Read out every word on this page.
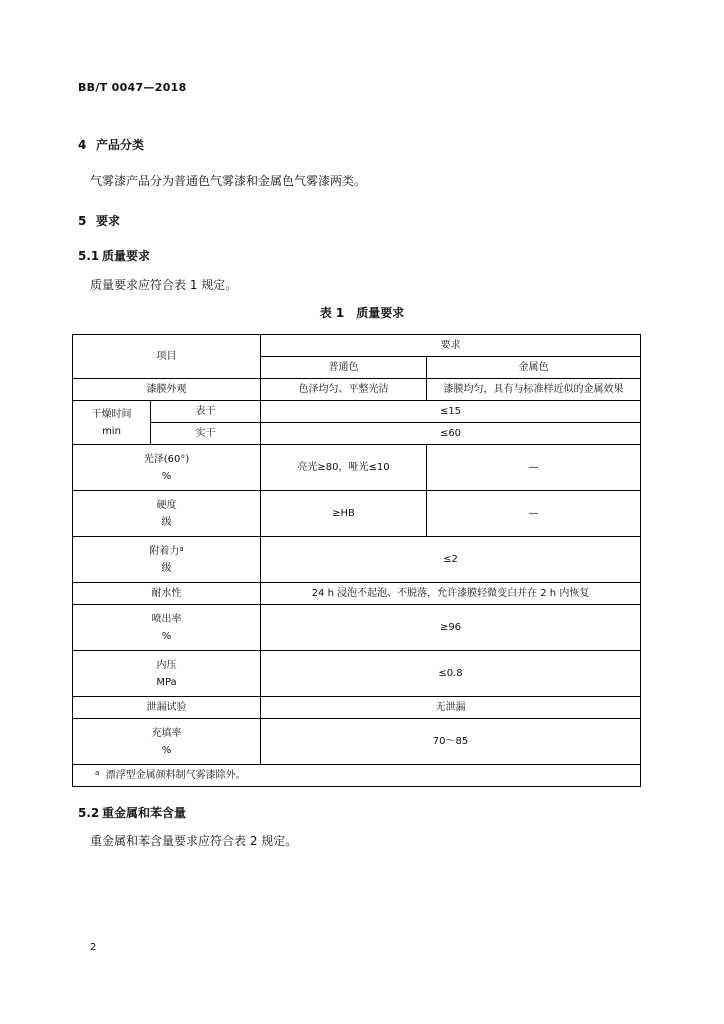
BB/T 0047—2018
4 产品分类
气雾漆产品分为普通色气雾漆和金属色气雾漆两类。
5 要求
5.1 质量要求
质量要求应符合表 1 规定。
表 1　质量要求
项目		要求	
		普通色	金属色
漆膜外观		色泽均匀、平整光洁	漆膜均匀，具有与标准样近似的金属效果

干燥时间
min	表干	≤15	
	实干	≤60	

光泽(60°)
%		亮光≥80，哑光≤10	—

硬度
级		≥HB	—

附着力$^a$
级		≤2	
耐水性		24 h 浸泡不起泡、不脱落，允许漆膜轻微变白并在 2 h 内恢复	

喷出率
%		≥96	

内压
MPa		≤0.8	
泄漏试验		无泄漏	

充填率
%		70～85	
$^a$ 漂浮型金属颜料制气雾漆除外。			
5.2 重金属和苯含量
重金属和苯含量要求应符合表 2 规定。
2
